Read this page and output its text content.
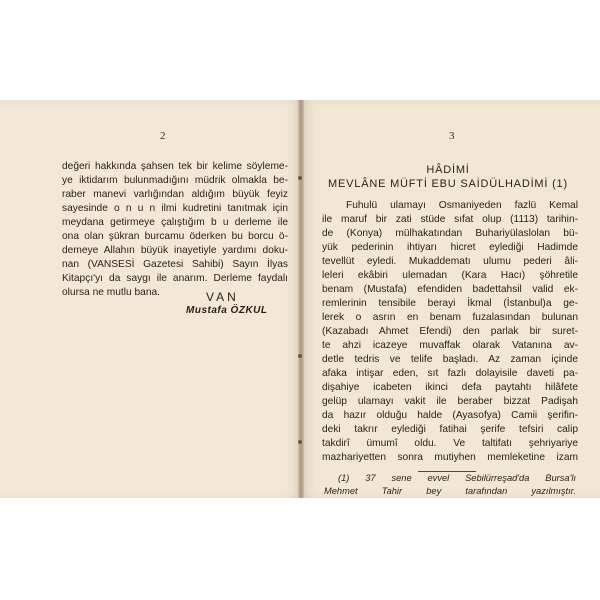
2
değeri hakkında şahsen tek bir kelime söyleme-
ye iktidarım bulunmadığını müdrik olmakla be-
raber manevi varlığından aldığım büyük feyiz
sayesinde o n u n ilmi kudretini tanıtmak için
meydana getirmeye çalıştığım b u derleme ile
ona olan şükran burcamu öderken bu borcu ö-
demeye Allahın büyük inayetiyle yardımı doku-
nan (VANSESİ Gazetesi Sahibi) Sayın İlyas
Kitapçı'yı da saygı ile anarım. Derleme faydalı
olursa ne mutlu bana.	VAN
Mustafa ÖZKUL
3
HÂDİMİ
MEVLÂNE MÜFTİ EBU SAİDÜLHADİMİ (1)
Fuhulü ulamayı Osmaniyeden fazlü Kemal
ile maruf bir zati stüde sıfat olup (1113) tarihin-
de (Konya) mülhakatından Buhariyülaslolan bü-
yük pederinin ihtiyarı hicret eylediği Hadimde
tevellüt eyledi. Mukaddematı ulumu pederi âli-
leleri ekâbiri ulemadan (Kara Hacı) şöhretile
benam (Mustafa) efendiden badettahsil valid ek-
remlerinin tensibile berayi İkmal (İstanbul)a ge-
lerek o asrın en benam fuzalasından bulunan
(Kazabadı Ahmet Efendi) den parlak bir suret-
te ahzi icazeye muvaffak olarak Vatanına av-
detle tedris ve telife başladı. Az zaman içinde
afaka intişar eden, sıt fazlı dolayisile daveti pa-
dişahiye icabeten ikinci defa paytahtı hilâfete
gelüp ulamayı vakit ile beraber bizzat Padişah
da hazır olduğu halde (Ayasofya) Camii şerifin-
deki takrır eylediği fatihai şerife tefsiri calip
takdirî ümumî oldu. Ve taltifatı şehriyariye
mazhariyetten sonra mutiyhen memleketine izam
(1) 37 sene evvel Sebilürreşad'da Bursa'lı
Mehmet Tahir bey tarafından yazılmıştır.
